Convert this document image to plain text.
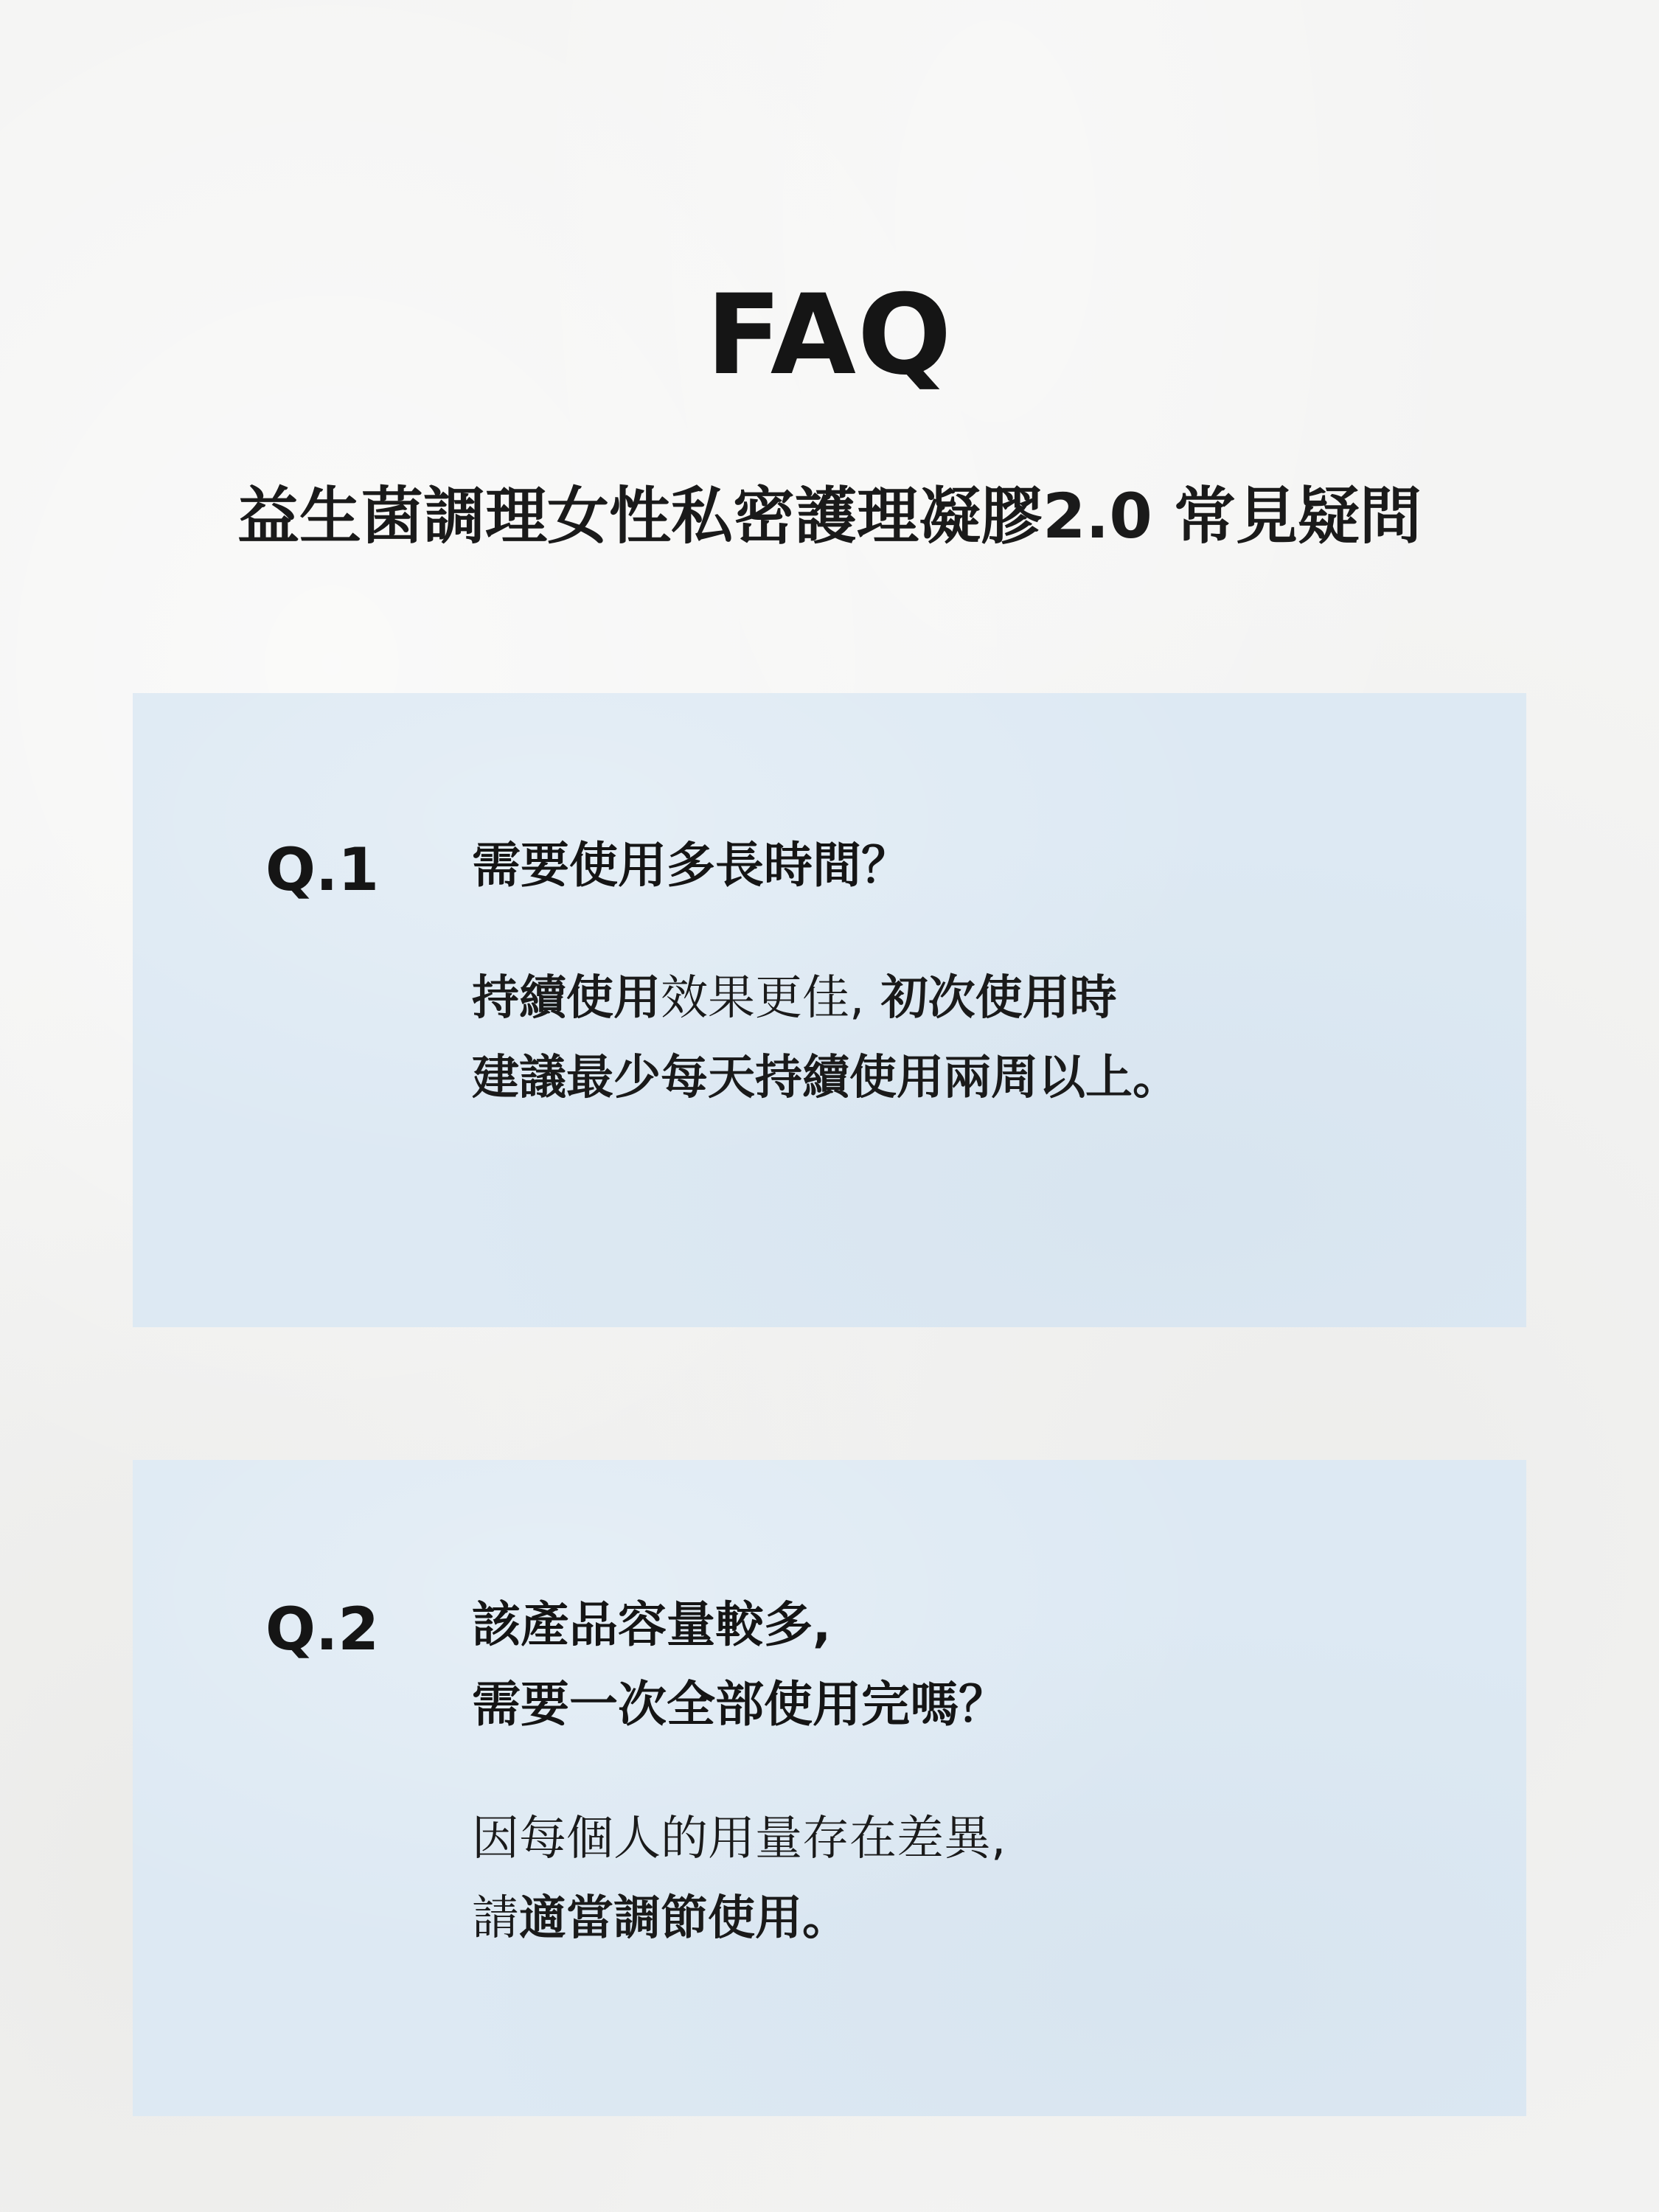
FAQ
益生菌調理女性私密護理凝膠2.0 常見疑問
Q.1 需要使用多長時間？
持續使用效果更佳, 初次使用時
建議最少每天持續使用兩周以上。
Q.2 該產品容量較多,
需要一次全部使用完嗎？
因每個人的用量存在差異,
請適當調節使用。
